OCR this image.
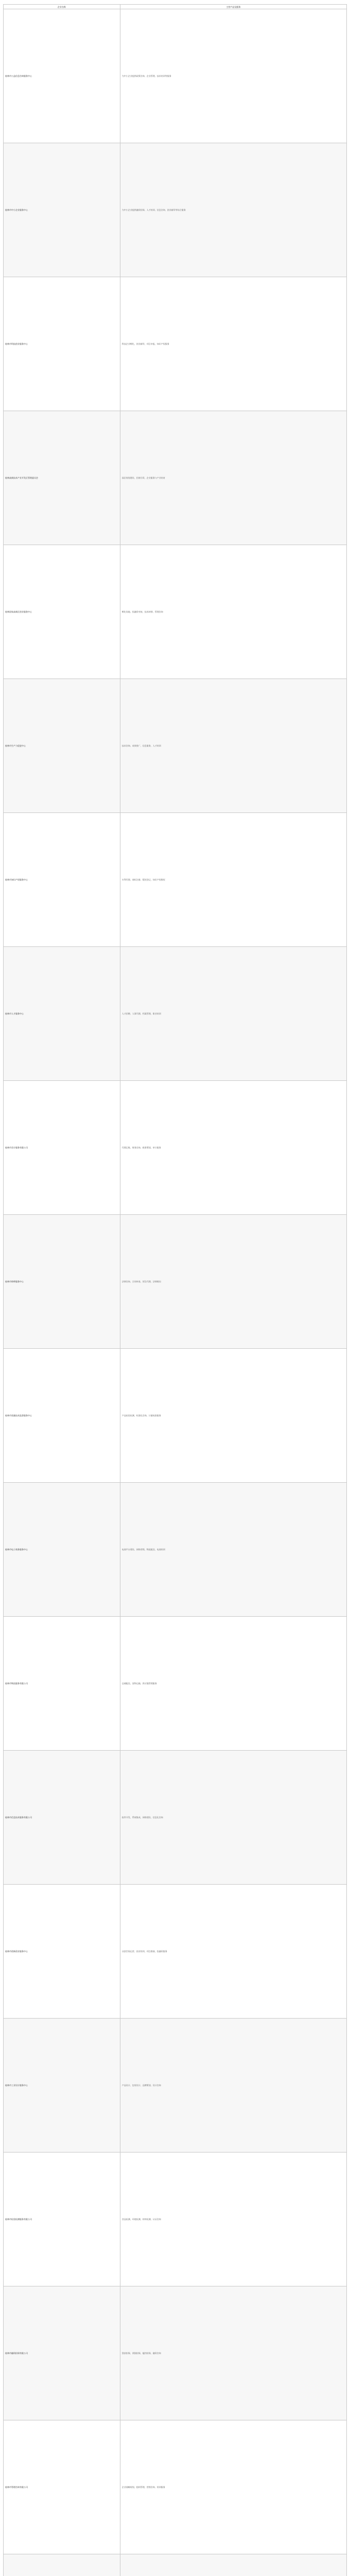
企业名称	主营产品及服务
桂林市公益信息咨询服务中心	为中小企业提供政策咨询、企业管理、技术培训等服务
桂林市中小企业服务中心	为中小企业提供融资担保、人才培训、信息咨询、创业辅导等综合服务
桂林市科技创业服务中心	科技企业孵化、创业辅导、项目申报、知识产权服务
桂林高新技术产业开发区管理委员会	园区规划建设、招商引资、企业服务与产业培育
桂林国家高新区创业服务中心	孵化场地、投融资对接、技术转移、管理咨询
桂林市生产力促进中心	技术咨询、成果推广、信息服务、人才培训
桂林市知识产权服务中心	专利代理、商标注册、版权登记、知识产权维权
桂林市人才服务中心	人才招聘、人事代理、档案管理、职业培训
桂林市会计服务有限公司	代理记账、财务咨询、税务筹划、审计服务
桂林市律师服务中心	法律咨询、合同审查、诉讼代理、法律顾问
桂林市质量技术监督服务中心	产品检验检测、标准化咨询、计量校准服务
桂林市电子商务服务中心	电商平台建设、网络营销、物流配送、电商培训
桂林市物流服务有限公司	仓储配送、货物运输、供应链管理服务
桂林市信息技术服务有限公司	软件开发、系统集成、网络建设、信息化咨询
桂林市创新创业服务中心	众创空间运营、创业培训、项目路演、投融资服务
桂林市工业设计服务中心	产品设计、包装设计、品牌策划、设计咨询
桂林市检验检测服务有限公司	食品检测、环境检测、材料检测、认证咨询
桂林市融资担保有限公司	贷款担保、票据担保、履约担保、融资咨询
桂林市管理咨询有限公司	企业战略规划、组织管理、营销咨询、培训服务
